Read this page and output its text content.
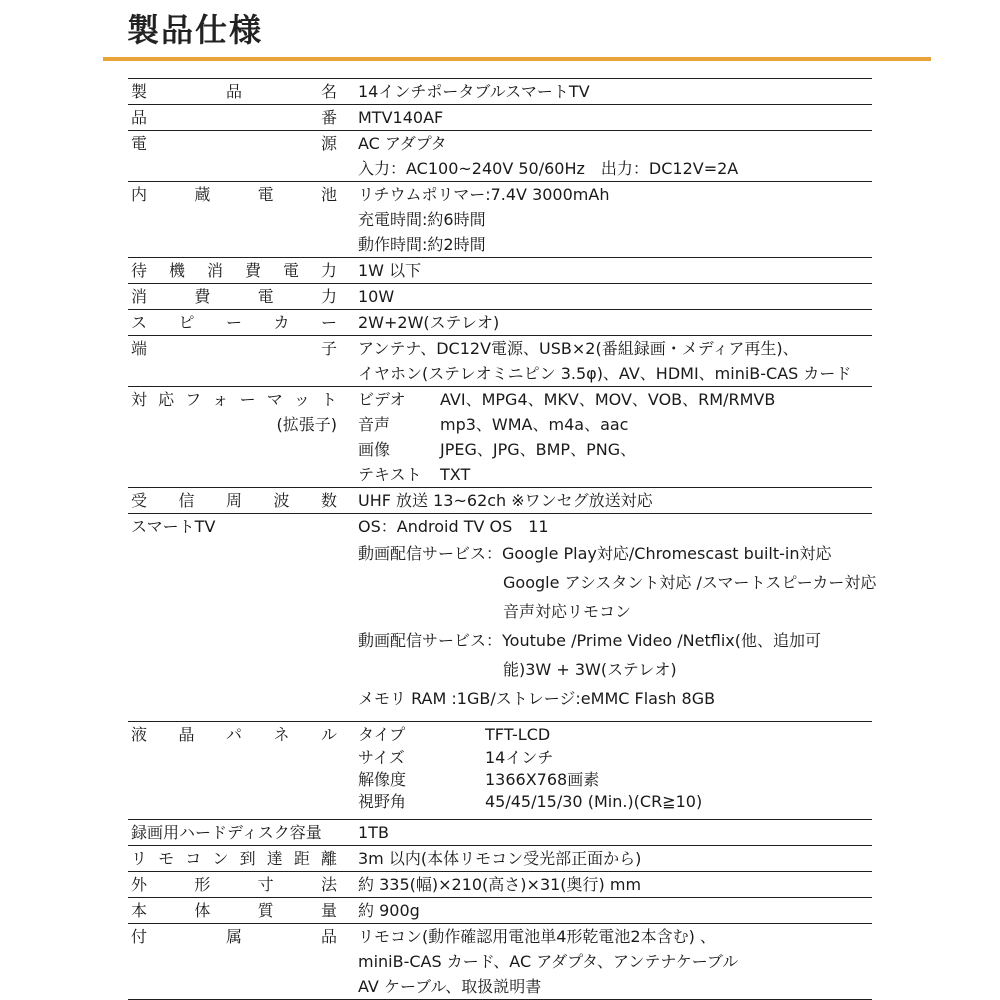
製品仕様
製	品	名 14インチポータブルスマートTV
品	番 MTV140AF
電	源 AC アダプタ
入力：AC100~240V 50/60Hz　出力：DC12V=2A
内	蔵	電	池 リチウムポリマー:7.4V 3000mAh
充電時間:約6時間
動作時間:約2時間
待 機 消 費 電 力 1W 以下
消	費	電	力 10W
ス ピ ー カ ー 2W+2W(ステレオ)
端	子 アンテナ、DC12V電源、USB×2(番組録画・メディア再生)、
イヤホン(ステレオミニピン 3.5φ)、AV、HDMI、miniB-CAS カード
対 応 フ ォ ー マ ッ ト
(拡張子)
ビデオ	AVI、MPG4、MKV、MOV、VOB、RM/RMVB
音声	mp3、WMA、m4a、aac
画像	JPEG、JPG、BMP、PNG、
テキスト	TXT
受 信 周 波 数 UHF 放送 13~62ch ※ワンセグ放送対応
スマートTV	OS：Android TV OS　11
動画配信サービス：Google Play対応/Chromescast built-in対応
Google アシスタント対応 /スマートスピーカー対応
音声対応リモコン
動画配信サービス：Youtube /Prime Video /Netflix(他、追加可
能)3W + 3W(ステレオ)
メモリ RAM :1GB/ストレージ:eMMC Flash 8GB
液 晶 パ ネ ル タイプ	TFT-LCD
サイズ	14インチ
解像度	1366X768画素
視野角	45/45/15/30 (Min.)(CR≧10)
録画用ハードディスク容量	1TB
リ モ コ ン 到 達 距 離 3m 以内(本体リモコン受光部正面から)
外	形	寸	法 約 335(幅)×210(高さ)×31(奥行) mm
本	体	質	量 約 900g
付	属	品 リモコン(動作確認用電池単4形乾電池2本含む) 、
miniB-CAS カード、AC アダプタ、アンテナケーブル
AV ケーブル、取扱説明書
